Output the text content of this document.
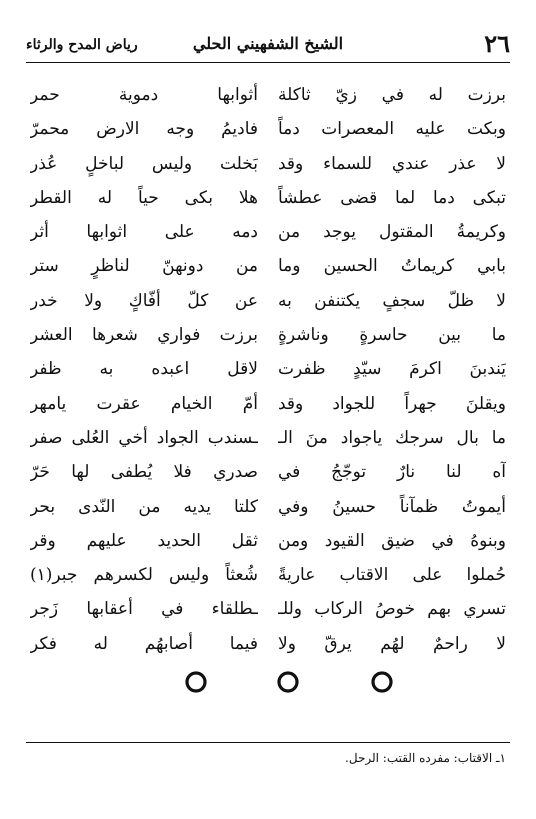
٢٦
الشيخ الشفهيني الحلي
رياض المدح والرثاء
برزت له في زيّ ثاكلة
أثوابها دموية حمر
وبكت عليه المعصرات دماً
فاديمُ وجه الارض محمرّ
لا عذر عندي للسماء وقد
بَخلت وليس لباخلٍ عُذر
تبكى دما لما قضى عطشاً
هلا بكى حياً له القطر
وكريمةُ المقتول يوجد من
دمه على اثوابها أثر
بابي كريماتُ الحسين وما
من دونهنّ لناظرٍ ستر
لا ظلّ سجفٍ يكتنفن به
عن كلّ أفّاكٍ ولا خدر
ما بين حاسرةٍ وناشرةٍ
برزت فواري شعرها العشر
يَندبنَ اكرمَ سيّدٍ ظفرت
لاقل اعبده به ظفر
ويقلنَ جهراً للجواد وقد
أمّ الخيام عقرت يامهر
ما بال سرجك ياجواد منَ الـ
ـسندب الجواد أخي العُلى صفر
آه لنا نارٌ توجّجُ في
صدري فلا يُطفى لها حَرّ
أيموتُ ظمآناً حسينُ وفي
كلتا يديه من النّدى بحر
وبنوهُ في ضيق القيود ومن
ثقل الحديد عليهم وقر
حُملوا على الاقتاب عاريةً
شُعثاً وليس لكسرهم جبر(١)
تسري بهم خوصُ الركاب وللـ
ـطلقاء في أعقابها زَجر
لا راحمٌ لهُم يرقّ ولا
فيما أصابهُم له فكر
١ـ الاقتاب: مفرده القتب: الرحل.
